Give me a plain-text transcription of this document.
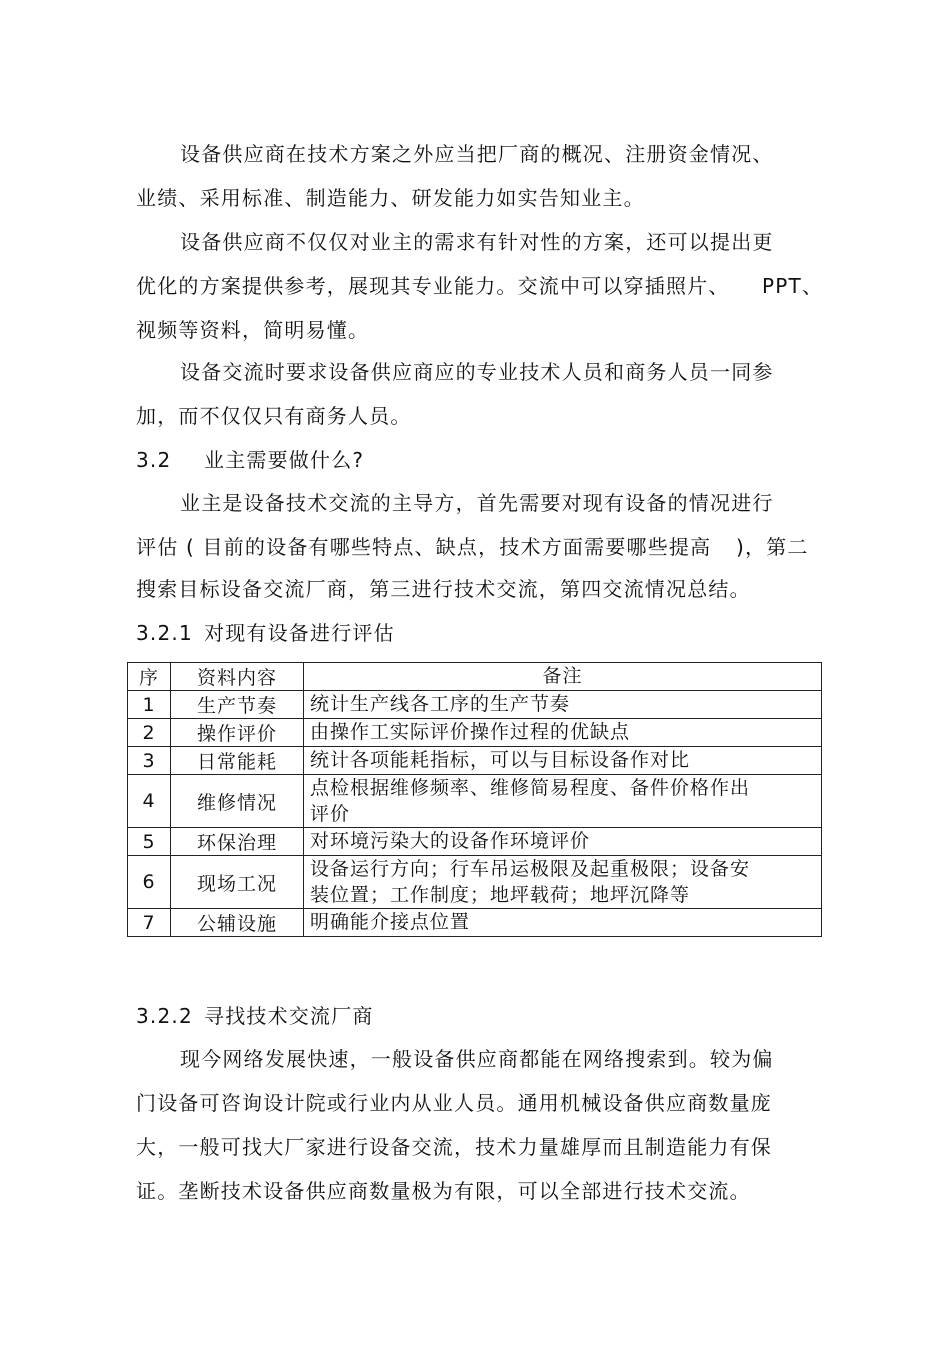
设备供应商在技术方案之外应当把厂商的概况、注册资金情况、
业绩、采用标准、制造能力、研发能力如实告知业主。
设备供应商不仅仅对业主的需求有针对性的方案，还可以提出更
优化的方案提供参考，展现其专业能力。交流中可以穿插照片、 PPT、
视频等资料，简明易懂。
设备交流时要求设备供应商应的专业技术人员和商务人员一同参
加，而不仅仅只有商务人员。
3.2 业主需要做什么?
业主是设备技术交流的主导方，首先需要对现有设备的情况进行
评估 ( 目前的设备有哪些特点、缺点，技术方面需要哪些提高 )，第二
搜索目标设备交流厂商，第三进行技术交流，第四交流情况总结。
3.2.1 对现有设备进行评估
序	资料内容	备注
1	生产节奏	统计生产线各工序的生产节奏
2	操作评价	由操作工实际评价操作过程的优缺点
3	日常能耗	统计各项能耗指标，可以与目标设备作对比
4	维修情况	点检根据维修频率、维修简易程度、备件价格作出
评价

5	环保治理	对环境污染大的设备作环境评价
6	现场工况	设备运行方向；行车吊运极限及起重极限；设备安
装位置；工作制度；地坪载荷；地坪沉降等

7	公辅设施	明确能介接点位置
3.2.2 寻找技术交流厂商
现今网络发展快速，一般设备供应商都能在网络搜索到。较为偏
门设备可咨询设计院或行业内从业人员。通用机械设备供应商数量庞
大，一般可找大厂家进行设备交流，技术力量雄厚而且制造能力有保
证。垄断技术设备供应商数量极为有限，可以全部进行技术交流。
